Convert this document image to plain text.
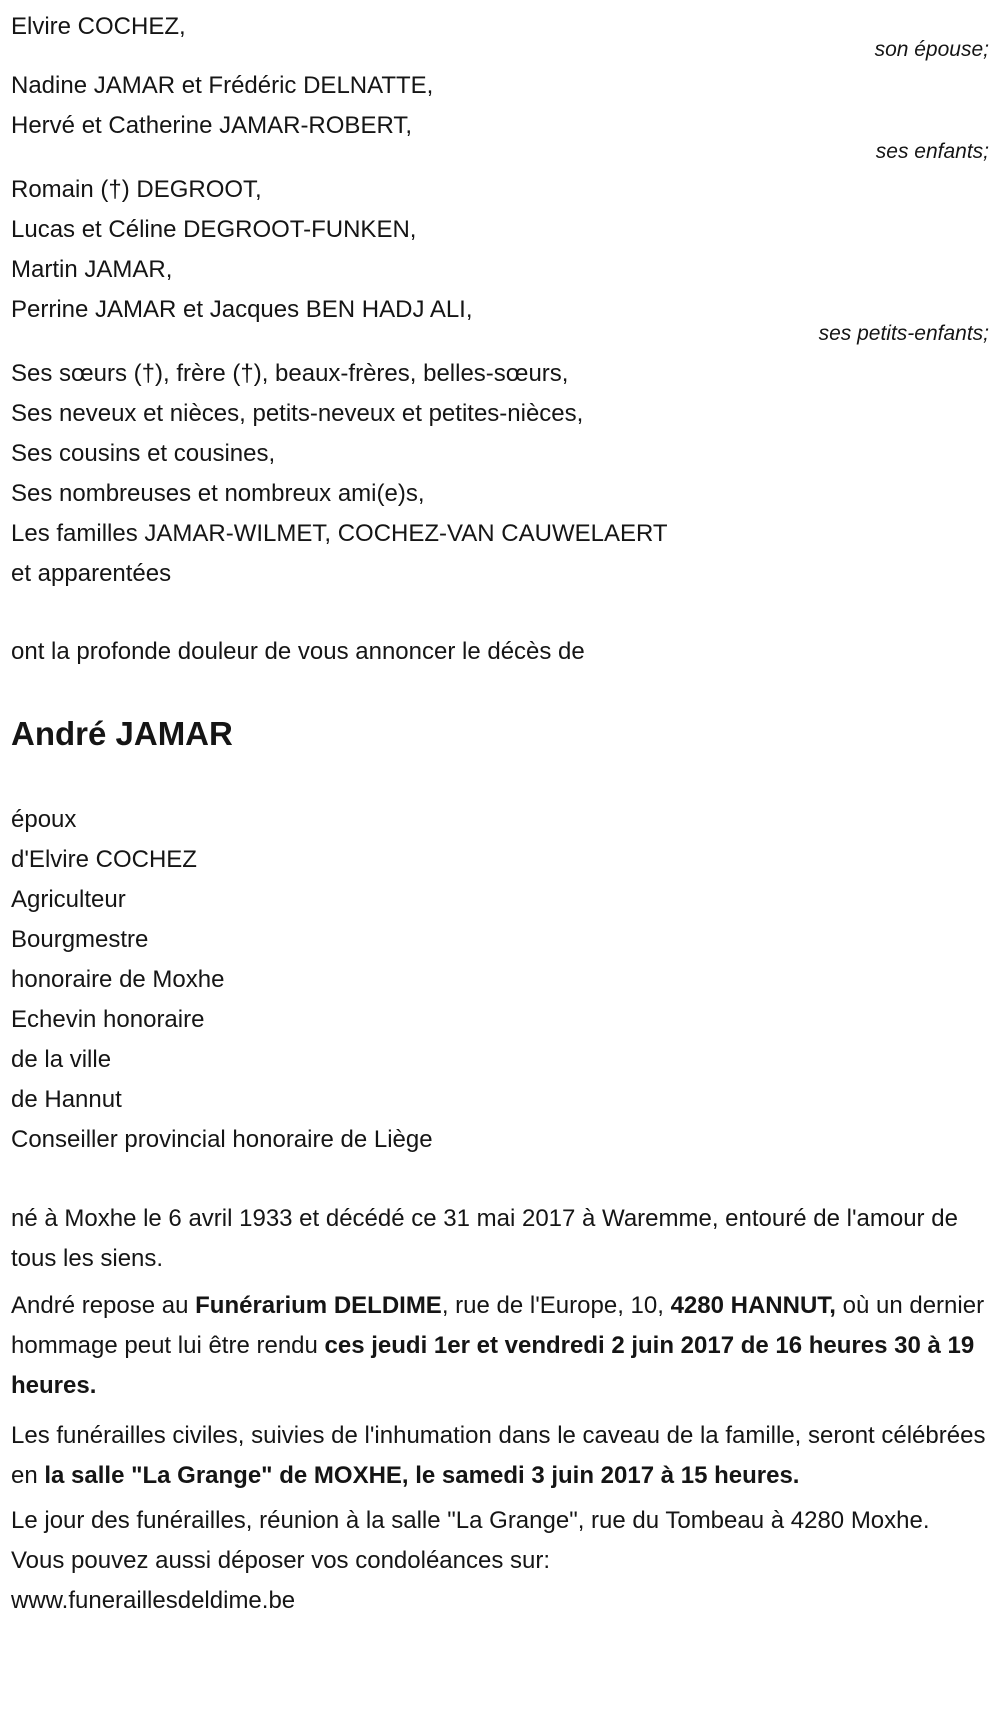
Elvire COCHEZ,
son épouse;
Nadine JAMAR et Frédéric DELNATTE,
Hervé et Catherine JAMAR-ROBERT,
ses enfants;
Romain (†) DEGROOT,
Lucas et Céline DEGROOT-FUNKEN,
Martin JAMAR,
Perrine JAMAR et Jacques BEN HADJ ALI,
ses petits-enfants;
Ses sœurs (†), frère (†), beaux-frères, belles-sœurs,
Ses neveux et nièces, petits-neveux et petites-nièces,
Ses cousins et cousines,
Ses nombreuses et nombreux ami(e)s,
Les familles JAMAR-WILMET, COCHEZ-VAN CAUWELAERT
et apparentées
ont la profonde douleur de vous annoncer le décès de
André JAMAR
époux
d'Elvire COCHEZ
Agriculteur
Bourgmestre
honoraire de Moxhe
Echevin honoraire
de la ville
de Hannut
Conseiller provincial honoraire de Liège

né à Moxhe le 6 avril 1933 et décédé ce 31 mai 2017 à Waremme, entouré de l'amour de tous les siens.

André repose au Funérarium DELDIME, rue de l'Europe, 10, 4280 HANNUT, où un dernier hommage peut lui être rendu ces jeudi 1er et vendredi 2 juin 2017 de 16 heures 30 à 19 heures.

Les funérailles civiles, suivies de l'inhumation dans le caveau de la famille, seront célébrées en la salle "La Grange" de MOXHE, le samedi 3 juin 2017 à 15 heures.

Le jour des funérailles, réunion à la salle "La Grange", rue du Tombeau à 4280 Moxhe.

Vous pouvez aussi déposer vos condoléances sur:
www.funeraillesdeldime.be
